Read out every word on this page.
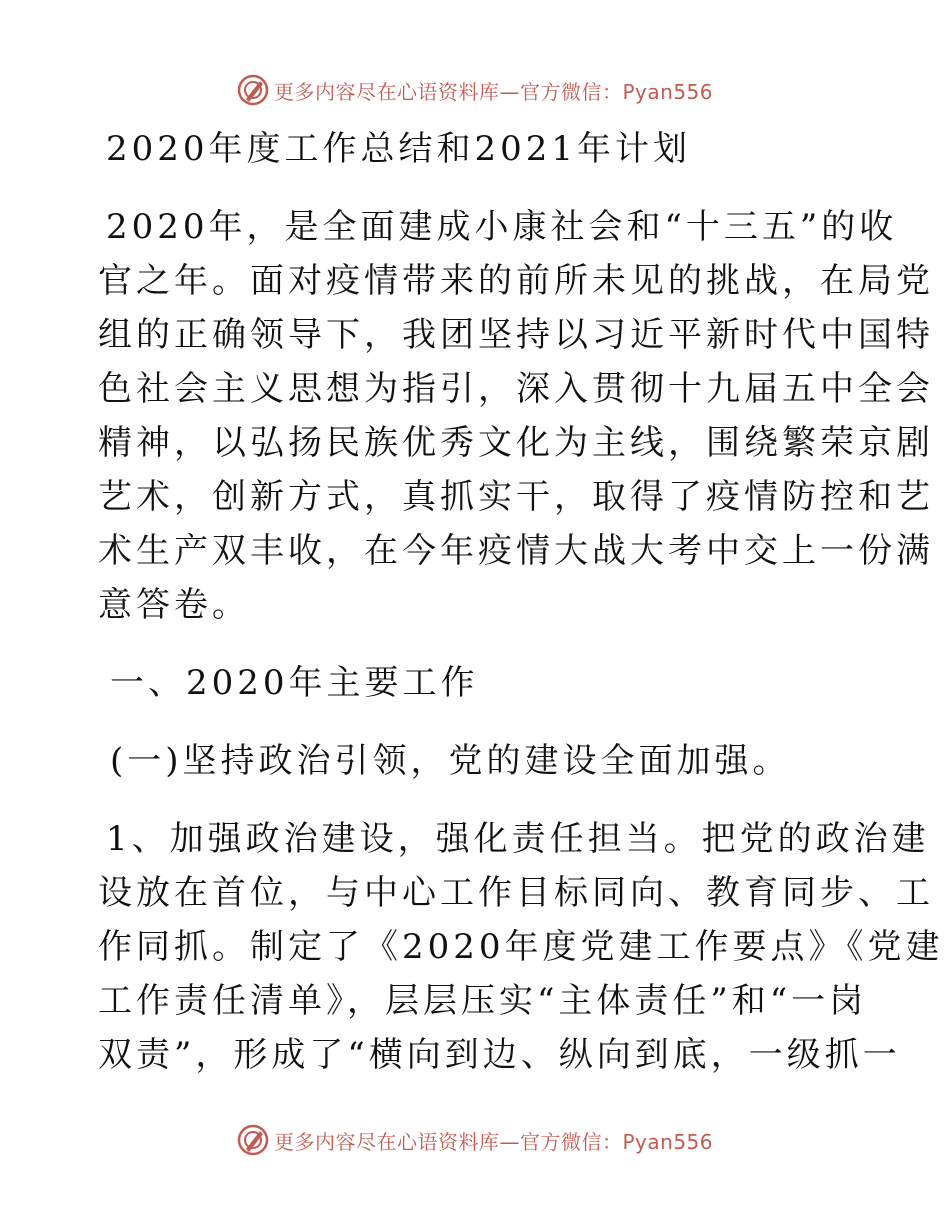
更多内容尽在心语资料库—官方微信：Pyan556
2020年度工作总结和2021年计划
2020年，是全面建成小康社会和“十三五”的收
官之年。面对疫情带来的前所未见的挑战，在局党
组的正确领导下，我团坚持以习近平新时代中国特
色社会主义思想为指引，深入贯彻十九届五中全会
精神，以弘扬民族优秀文化为主线，围绕繁荣京剧
艺术，创新方式，真抓实干，取得了疫情防控和艺
术生产双丰收，在今年疫情大战大考中交上一份满
意答卷。
一、2020年主要工作
(一)坚持政治引领，党的建设全面加强。
1、加强政治建设，强化责任担当。把党的政治建
设放在首位，与中心工作目标同向、教育同步、工
作同抓。制定了《2020年度党建工作要点》《党建
工作责任清单》，层层压实“主体责任”和“一岗
双责”，形成了“横向到边、纵向到底，一级抓一
更多内容尽在心语资料库—官方微信：Pyan556
